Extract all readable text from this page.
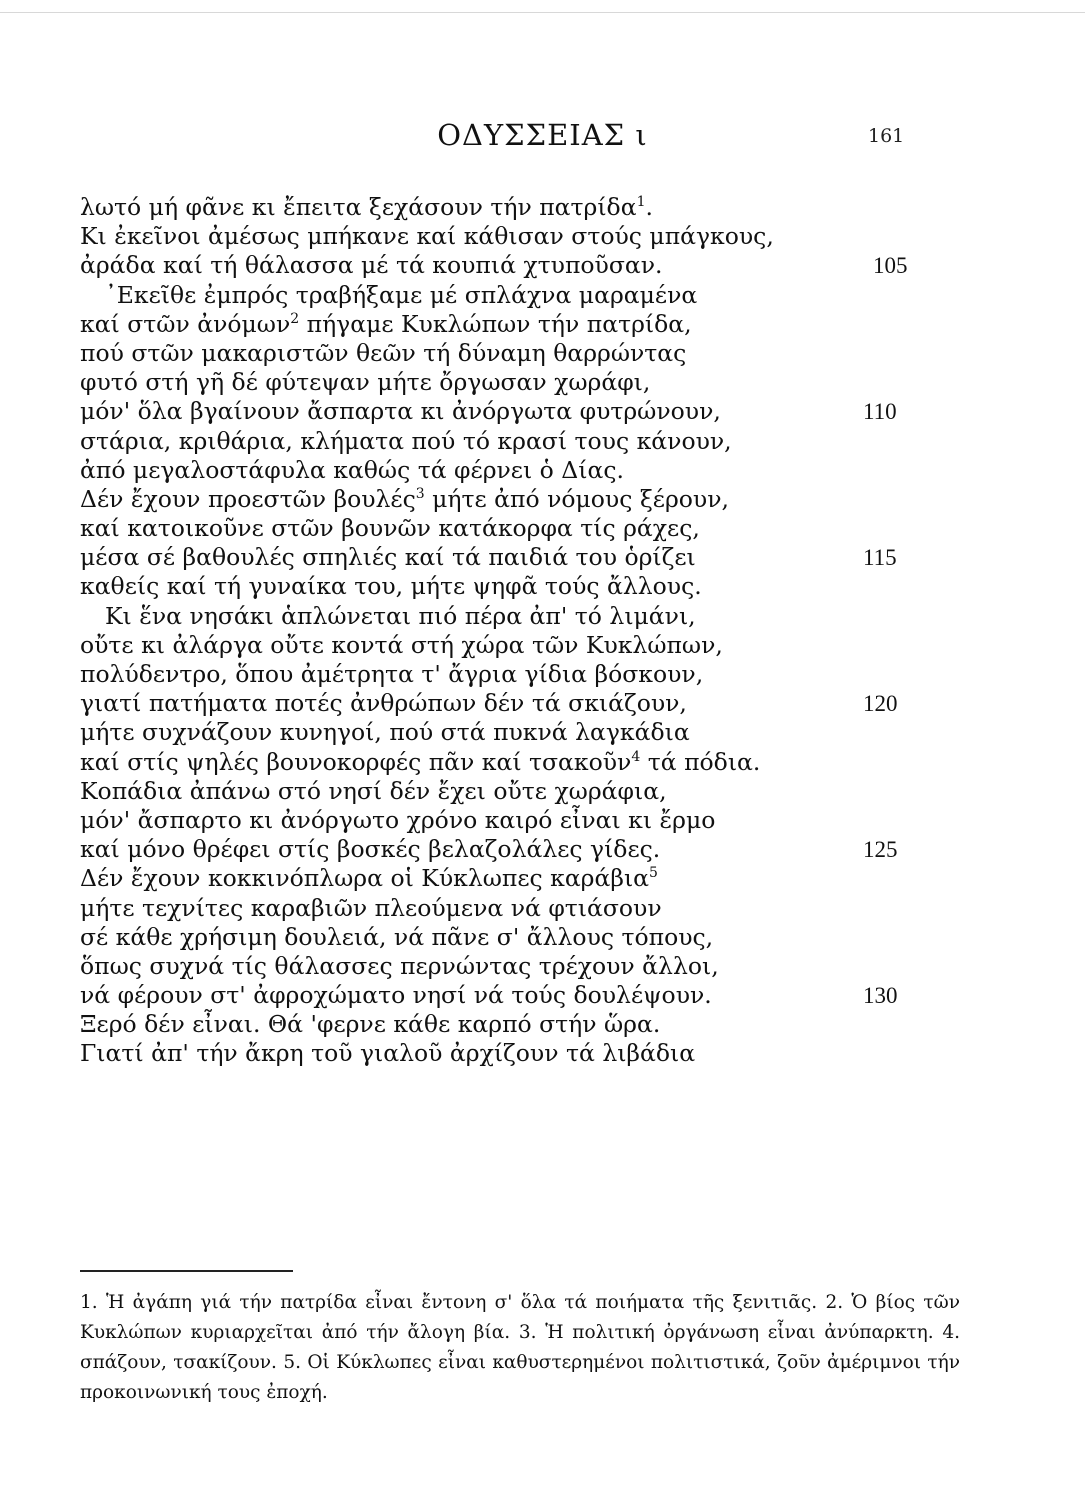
ΟΔΥΣΣΕΙΑΣ ι	161
λωτό μή φᾶνε κι ἔπειτα ξεχάσουν τήν πατρίδα$^1$.
Κι ἐκεῖνοι ἀμέσως μπήκανε καί κάθισαν στούς μπάγκους,
ἀράδα καί τή θάλασσα μέ τά κουπιά χτυποῦσαν.	105
᾿Εκεῖθε ἐμπρός τραβήξαμε μέ σπλάχνα μαραμένα
καί στῶν ἀνόμων$^2$ πήγαμε Κυκλώπων τήν πατρίδα,
πού στῶν μακαριστῶν θεῶν τή δύναμη θαρρώντας
φυτό στή γῆ δέ φύτεψαν μήτε ὄργωσαν χωράφι,
μόν' ὅλα βγαίνουν ἄσπαρτα κι ἀνόργωτα φυτρώνουν,	110
στάρια, κριθάρια, κλήματα πού τό κρασί τους κάνουν,
ἀπό μεγαλοστάφυλα καθώς τά φέρνει ὁ Δίας.
Δέν ἔχουν προεστῶν βουλές$^3$ μήτε ἀπό νόμους ξέρουν,
καί κατοικοῦνε στῶν βουνῶν κατάκορφα τίς ράχες,
μέσα σέ βαθουλές σπηλιές καί τά παιδιά του ὁρίζει	115
καθείς καί τή γυναίκα του, μήτε ψηφᾶ τούς ἄλλους.
Κι ἕνα νησάκι ἁπλώνεται πιό πέρα ἀπ' τό λιμάνι,
οὔτε κι ἀλάργα οὔτε κοντά στή χώρα τῶν Κυκλώπων,
πολύδεντρο, ὅπου ἀμέτρητα τ' ἄγρια γίδια βόσκουν,
γιατί πατήματα ποτές ἀνθρώπων δέν τά σκιάζουν,	120
μήτε συχνάζουν κυνηγοί, πού στά πυκνά λαγκάδια
καί στίς ψηλές βουνοκορφές πᾶν καί τσακοῦν$^4$ τά πόδια.
Κοπάδια ἀπάνω στό νησί δέν ἔχει οὔτε χωράφια,
μόν' ἄσπαρτο κι ἀνόργωτο χρόνο καιρό εἶναι κι ἔρμο
καί μόνο θρέφει στίς βοσκές βελαζολάλες γίδες.	125
Δέν ἔχουν κοκκινόπλωρα οἱ Κύκλωπες καράβια$^5$
μήτε τεχνίτες καραβιῶν πλεούμενα νά φτιάσουν
σέ κάθε χρήσιμη δουλειά, νά πᾶνε σ' ἄλλους τόπους,
ὅπως συχνά τίς θάλασσες περνώντας τρέχουν ἄλλοι,
νά φέρουν στ' ἀφροχώματο νησί νά τούς δουλέψουν.	130
Ξερό δέν εἶναι. Θά 'φερνε κάθε καρπό στήν ὥρα.
Γιατί ἀπ' τήν ἄκρη τοῦ γιαλοῦ ἀρχίζουν τά λιβάδια
1. Ἡ ἀγάπη γιά τήν πατρίδα εἶναι ἔντονη σ' ὅλα τά ποιήματα τῆς ξενιτιᾶς. 2. Ὁ βίος τῶν Κυκλώπων κυριαρχεῖται ἀπό τήν ἄλογη βία. 3. Ἡ πολιτική ὀργάνωση εἶναι ἀνύπαρκτη. 4. σπάζουν, τσακίζουν. 5. Οἱ Κύκλωπες εἶναι καθυστερημένοι πολιτιστικά, ζοῦν ἀμέριμνοι τήν προκοινωνική τους ἐποχή.
